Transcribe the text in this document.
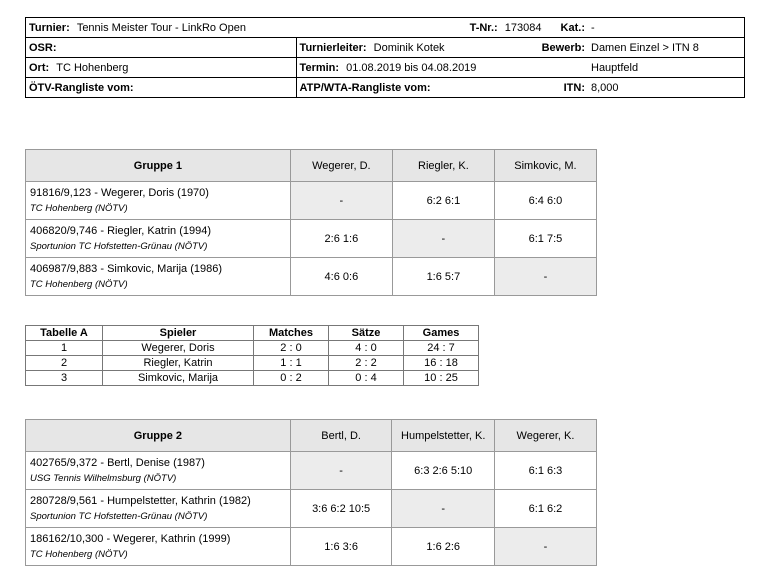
Turnier: Tennis Meister Tour - LinkRo Open	T-Nr.: 173084 Kat.:		-
OSR:	Turnierleiter: Dominik Kotek	Bewerb:	Damen Einzel > ITN 8
Ort: TC Hohenberg	Termin: 01.08.2019 bis 04.08.2019		Hauptfeld
ÖTV-Rangliste vom:	ATP/WTA-Rangliste vom:	ITN:	8,000
Gruppe 1	Wegerer, D.	Riegler, K.	Simkovic, M.
91816/9,123 - Wegerer, Doris (1970)
TC Hohenberg (NÖTV)	-	6:2 6:1	6:4 6:0
406820/9,746 - Riegler, Katrin (1994)
Sportunion TC Hofstetten-Grünau (NÖTV)	2:6 1:6	-	6:1 7:5
406987/9,883 - Simkovic, Marija (1986)
TC Hohenberg (NÖTV)	4:6 0:6	1:6 5:7	-
Tabelle A	Spieler	Matches	Sätze	Games
1	Wegerer, Doris	2 : 0	4 : 0	24 : 7
2	Riegler, Katrin	1 : 1	2 : 2	16 : 18
3	Simkovic, Marija	0 : 2	0 : 4	10 : 25
Gruppe 2	Bertl, D.	Humpelstetter, K.	Wegerer, K.
402765/9,372 - Bertl, Denise (1987)
USG Tennis Wilhelmsburg (NÖTV)	-	6:3 2:6 5:10	6:1 6:3
280728/9,561 - Humpelstetter, Kathrin (1982)
Sportunion TC Hofstetten-Grünau (NÖTV)	3:6 6:2 10:5	-	6:1 6:2
186162/10,300 - Wegerer, Kathrin (1999)
TC Hohenberg (NÖTV)	1:6 3:6	1:6 2:6	-
